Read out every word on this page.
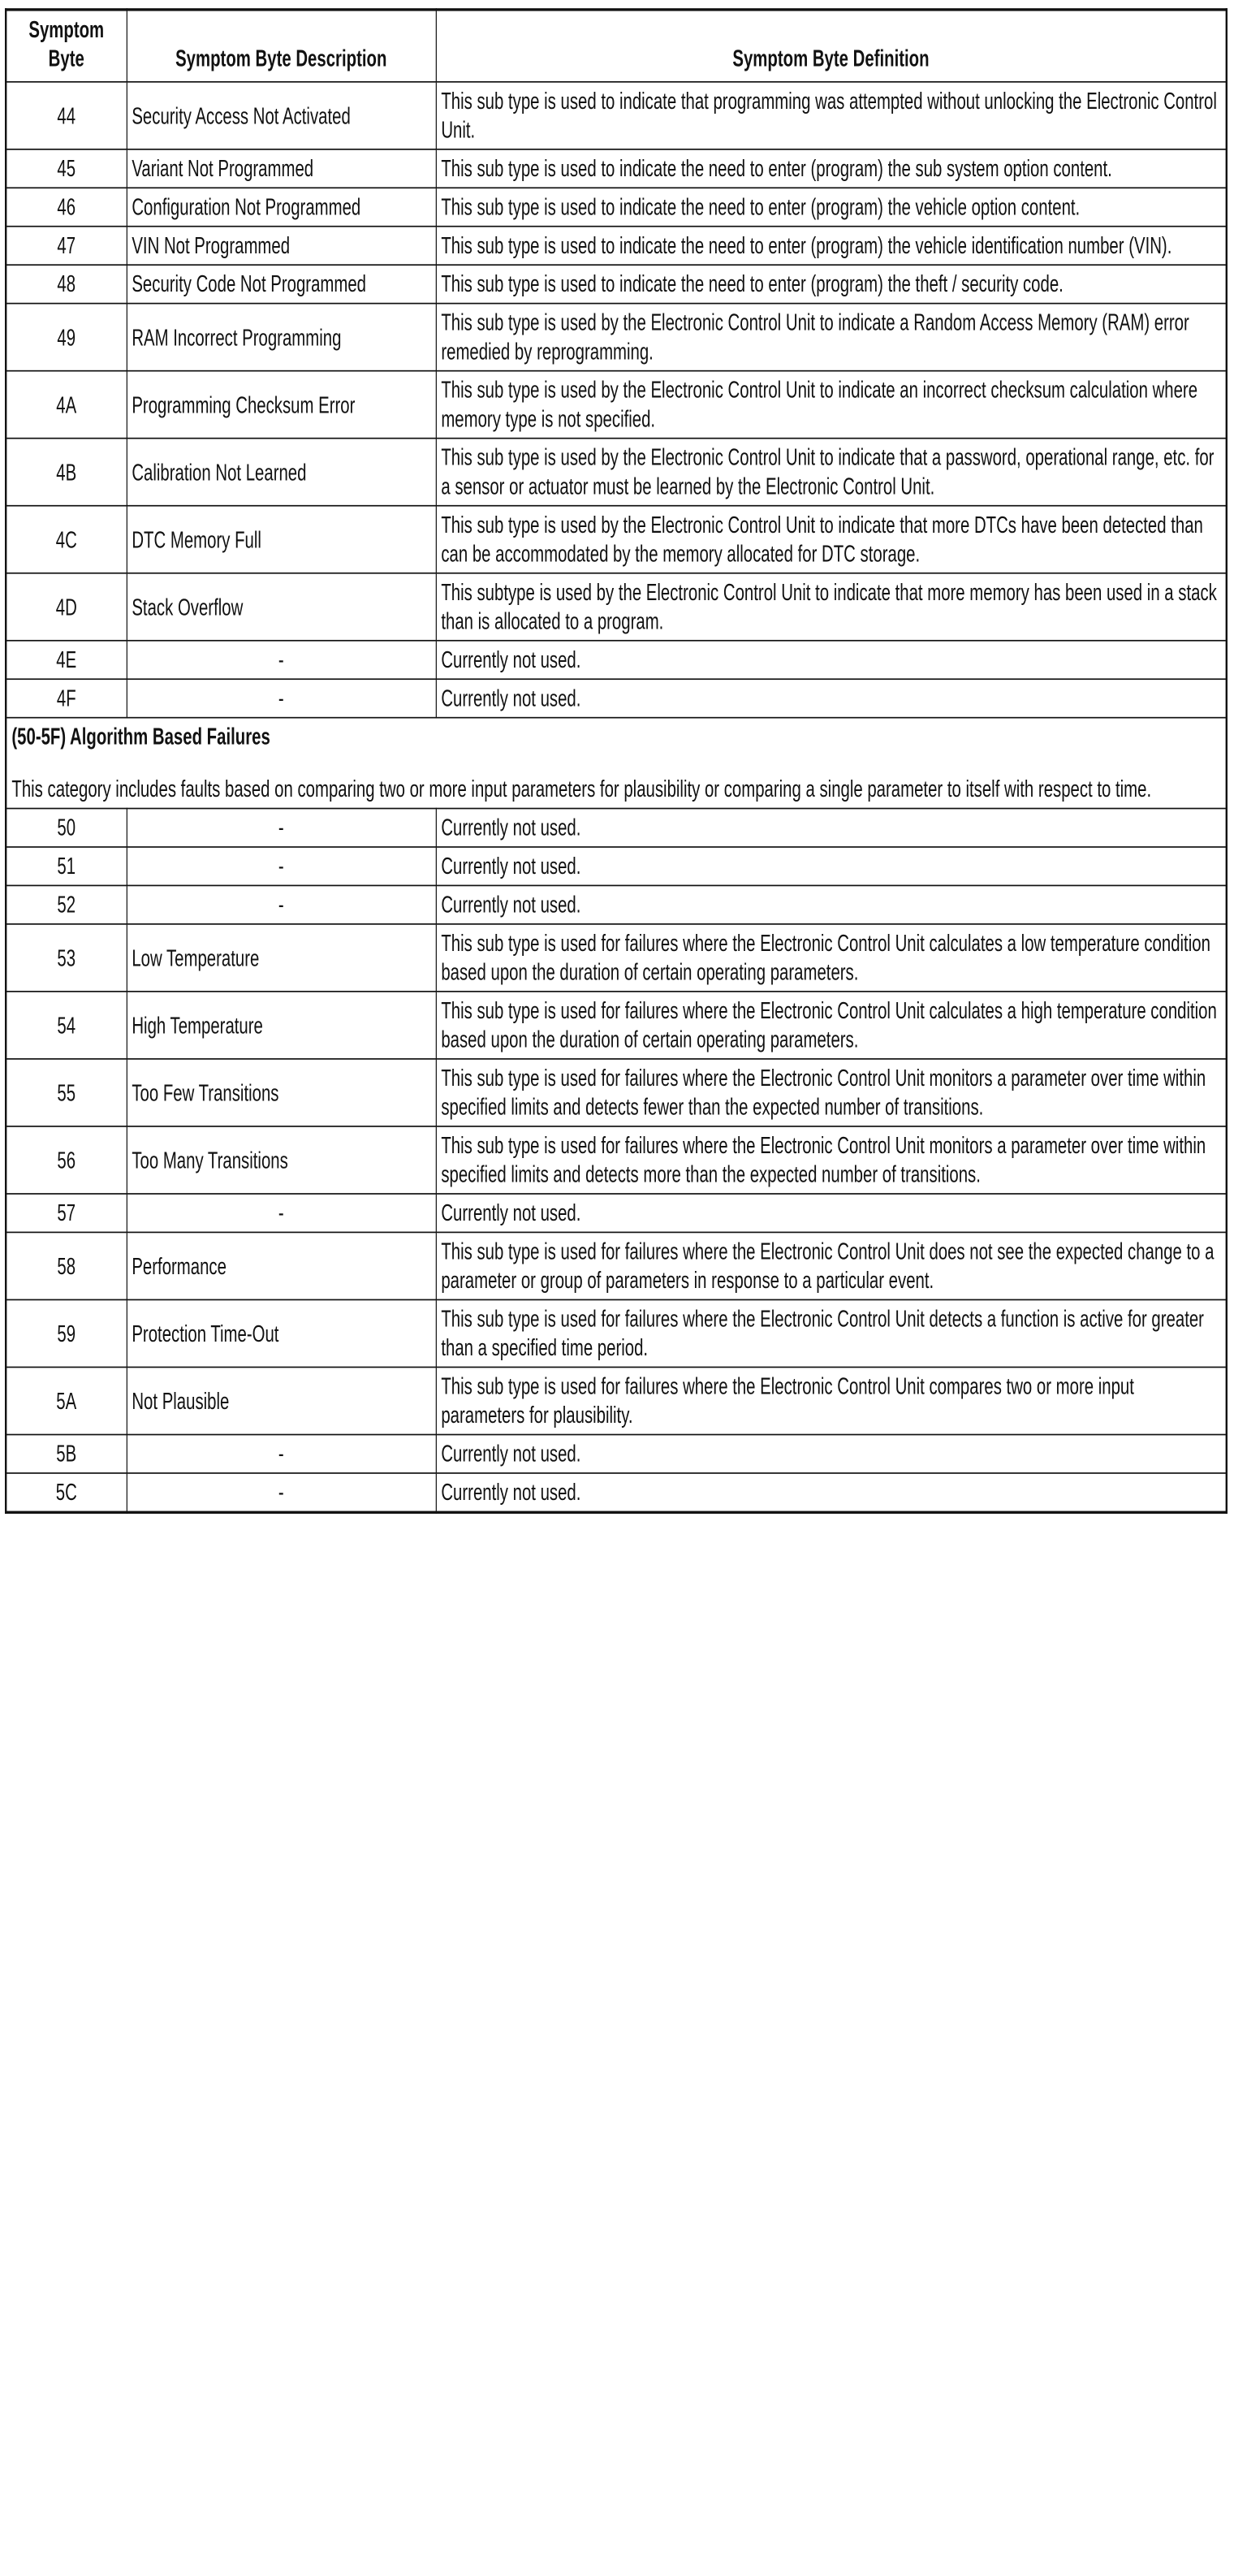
Symptom
Byte	Symptom Byte Description	Symptom Byte Definition
44	Security Access Not Activated	This sub type is used to indicate that programming was attempted without unlocking the Electronic Control Unit.
45	Variant Not Programmed	This sub type is used to indicate the need to enter (program) the sub system option content.
46	Configuration Not Programmed	This sub type is used to indicate the need to enter (program) the vehicle option content.
47	VIN Not Programmed	This sub type is used to indicate the need to enter (program) the vehicle identification number (VIN).
48	Security Code Not Programmed	This sub type is used to indicate the need to enter (program) the theft / security code.
49	RAM Incorrect Programming	This sub type is used by the Electronic Control Unit to indicate a Random Access Memory (RAM) error remedied by reprogramming.
4A	Programming Checksum Error	This sub type is used by the Electronic Control Unit to indicate an incorrect checksum calculation where memory type is not specified.
4B	Calibration Not Learned	This sub type is used by the Electronic Control Unit to indicate that a password, operational range, etc. for a sensor or actuator must be learned by the Electronic Control Unit.
4C	DTC Memory Full	This sub type is used by the Electronic Control Unit to indicate that more DTCs have been detected than can be accommodated by the memory allocated for DTC storage.
4D	Stack Overflow	This subtype is used by the Electronic Control Unit to indicate that more memory has been used in a stack than is allocated to a program.
4E	-	Currently not used.
4F	-	Currently not used.

(50-5F) Algorithm Based Failures
This category includes faults based on comparing two or more input parameters for plausibility or comparing a single parameter to itself with respect to time.		

50	-	Currently not used.
51	-	Currently not used.
52	-	Currently not used.
53	Low Temperature	This sub type is used for failures where the Electronic Control Unit calculates a low temperature condition based upon the duration of certain operating parameters.
54	High Temperature	This sub type is used for failures where the Electronic Control Unit calculates a high temperature condition based upon the duration of certain operating parameters.
55	Too Few Transitions	This sub type is used for failures where the Electronic Control Unit monitors a parameter over time within specified limits and detects fewer than the expected number of transitions.
56	Too Many Transitions	This sub type is used for failures where the Electronic Control Unit monitors a parameter over time within specified limits and detects more than the expected number of transitions.
57	-	Currently not used.
58	Performance	This sub type is used for failures where the Electronic Control Unit does not see the expected change to a parameter or group of parameters in response to a particular event.
59	Protection Time-Out	This sub type is used for failures where the Electronic Control Unit detects a function is active for greater than a specified time period.
5A	Not Plausible	This sub type is used for failures where the Electronic Control Unit compares two or more input parameters for plausibility.
5B	-	Currently not used.
5C	-	Currently not used.
